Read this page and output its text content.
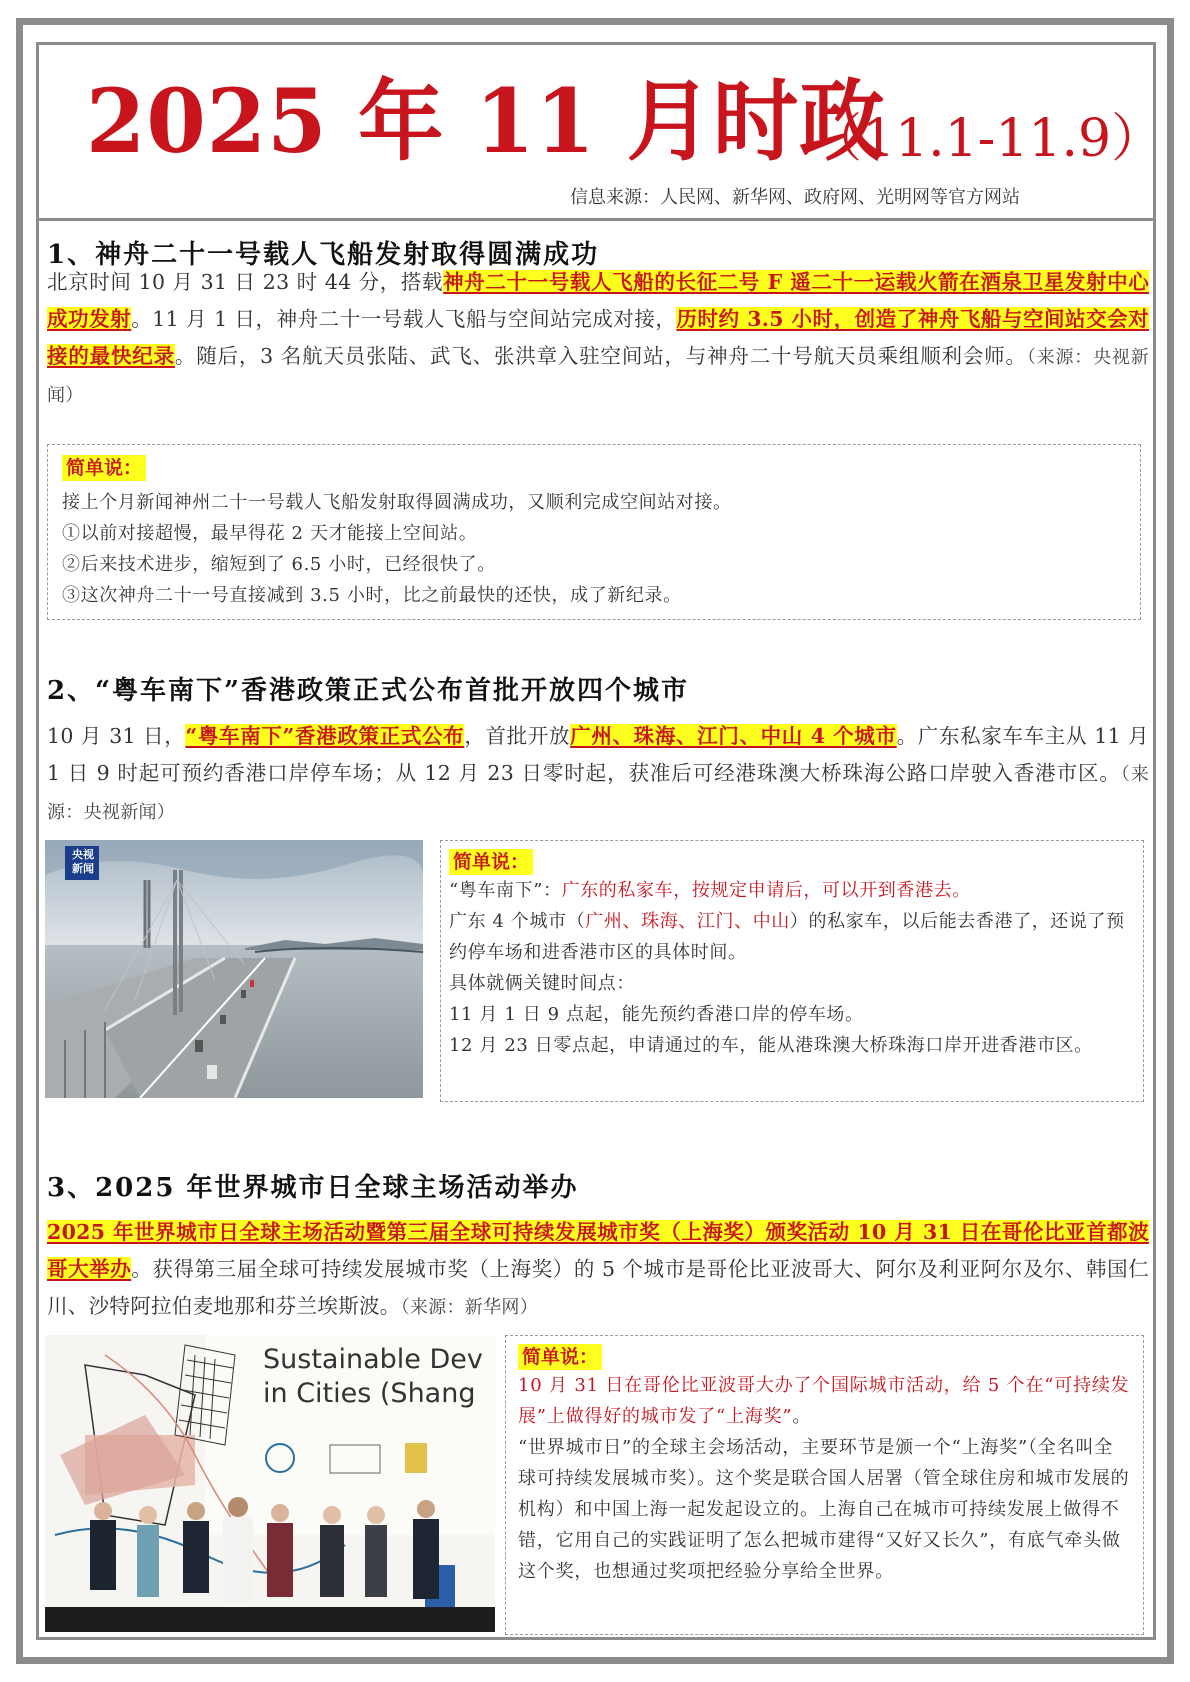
2025 年 11 月时政
（11.1-11.9）
信息来源：人民网、新华网、政府网、光明网等官方网站
1、神舟二十一号载人飞船发射取得圆满成功
北京时间 10 月 31 日 23 时 44 分，搭载神舟二十一号载人飞船的长征二号 F 遥二十一运载火箭在酒泉卫星发射中心成功发射。11 月 1 日，神舟二十一号载人飞船与空间站完成对接，历时约 3.5 小时，创造了神舟飞船与空间站交会对接的最快纪录。随后，3 名航天员张陆、武飞、张洪章入驻空间站，与神舟二十号航天员乘组顺利会师。（来源：央视新闻）
简单说：
接上个月新闻神州二十一号载人飞船发射取得圆满成功，又顺利完成空间站对接。
①以前对接超慢，最早得花 2 天才能接上空间站。
②后来技术进步，缩短到了 6.5 小时，已经很快了。
③这次神舟二十一号直接减到 3.5 小时，比之前最快的还快，成了新纪录。
2、“粤车南下”香港政策正式公布首批开放四个城市
10 月 31 日，“粤车南下”香港政策正式公布，首批开放广州、珠海、江门、中山 4 个城市。广东私家车车主从 11 月 1 日 9 时起可预约香港口岸停车场；从 12 月 23 日零时起，获准后可经港珠澳大桥珠海公路口岸驶入香港市区。（来源：央视新闻）
央视新闻	简单说：
“粤车南下”：广东的私家车，按规定申请后，可以开到香港去。
广东 4 个城市（广州、珠海、江门、中山）的私家车，以后能去香港了，还说了预约停车场和进香港市区的具体时间。
具体就俩关键时间点：
11 月 1 日 9 点起，能先预约香港口岸的停车场。
12 月 23 日零点起，申请通过的车，能从港珠澳大桥珠海口岸开进香港市区。
3、2025 年世界城市日全球主场活动举办
2025 年世界城市日全球主场活动暨第三届全球可持续发展城市奖（上海奖）颁奖活动 10 月 31 日在哥伦比亚首都波哥大举办。获得第三届全球可持续发展城市奖（上海奖）的 5 个城市是哥伦比亚波哥大、阿尔及利亚阿尔及尔、韩国仁川、沙特阿拉伯麦地那和芬兰埃斯波。（来源：新华网）
Sustainable Dev
in Cities (Shang
简单说：
10 月 31 日在哥伦比亚波哥大办了个国际城市活动，给 5 个在“可持续发展”上做得好的城市发了“上海奖”。
“世界城市日”的全球主会场活动，主要环节是颁一个“上海奖”（全名叫全球可持续发展城市奖）。这个奖是联合国人居署（管全球住房和城市发展的机构）和中国上海一起发起设立的。上海自己在城市可持续发展上做得不错，它用自己的实践证明了怎么把城市建得“又好又长久”，有底气牵头做这个奖，也想通过奖项把经验分享给全世界。
